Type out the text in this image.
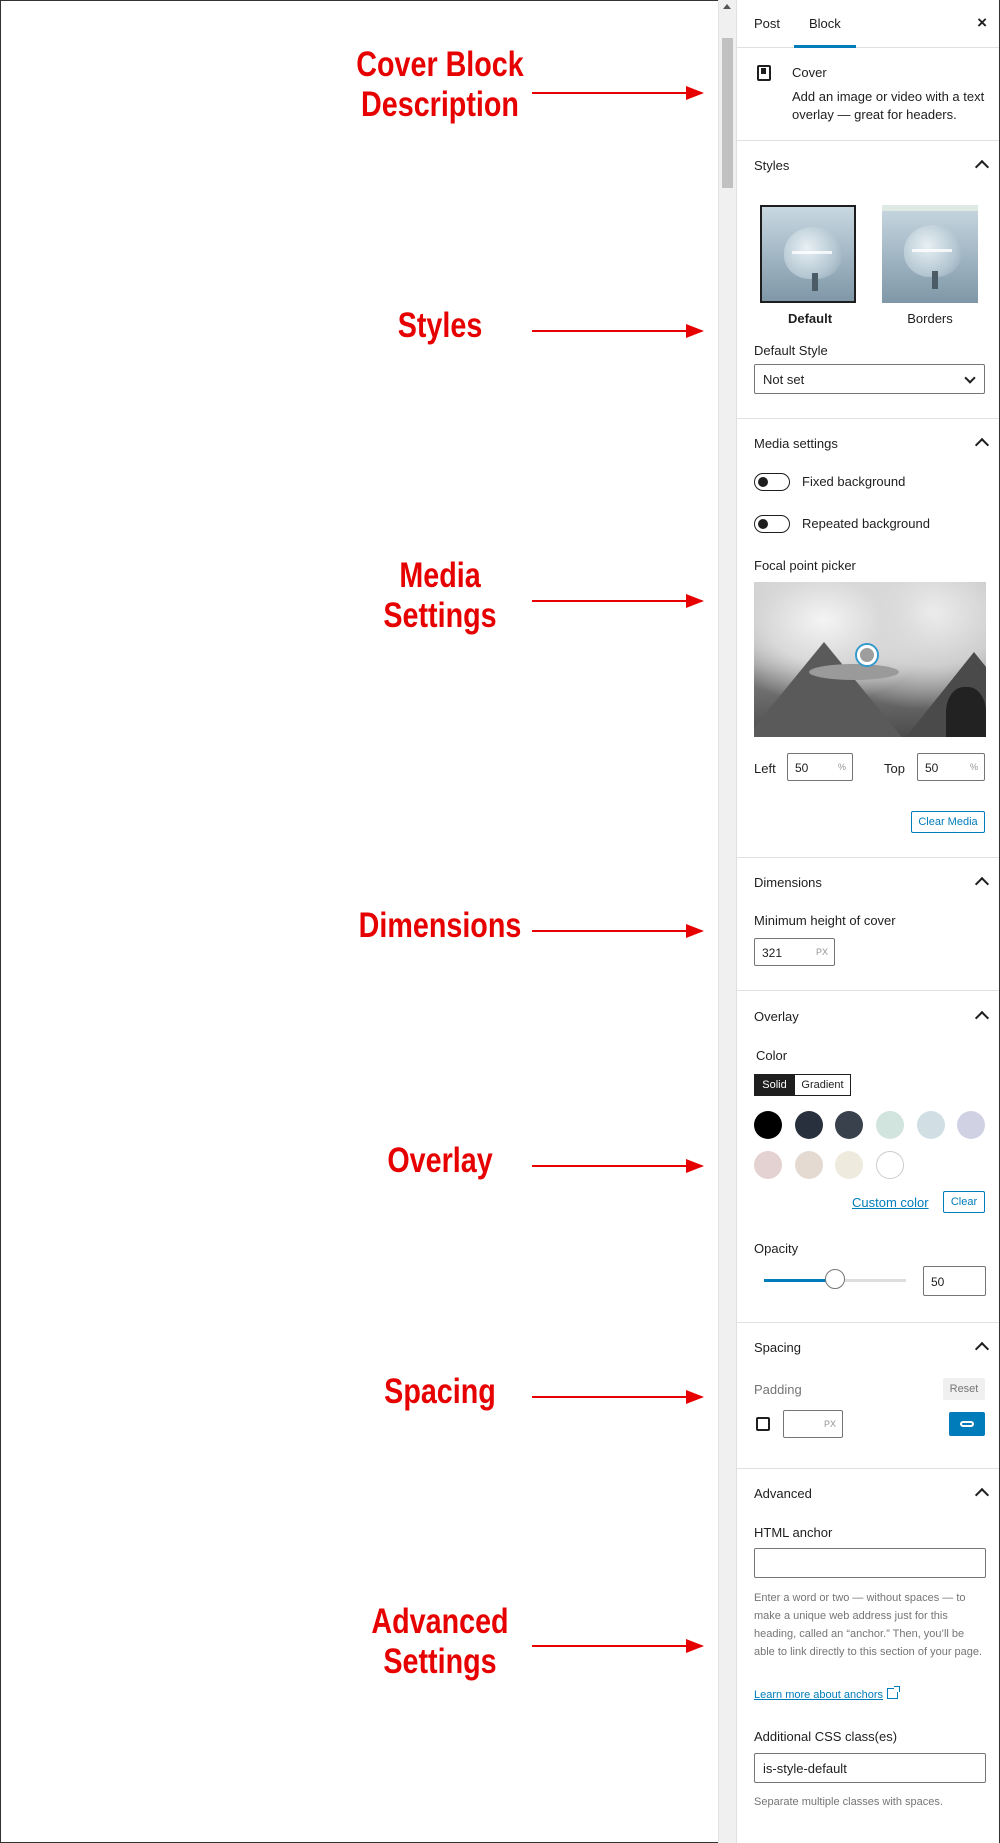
Cover Block Description
Styles
Media Settings
Dimensions
Overlay
Spacing
Advanced Settings
Post Block	×
Cover
Add an image or video with a text overlay — great for headers.
Styles
Default	Borders
Default Style
Not set
Media settings
Fixed background
Repeated background
Focal point picker
Left 50	%	Top 50	%
Clear Media
Dimensions
Minimum height of cover
321	PX
Overlay
Color
Solid	Gradient
Custom color	Clear
Opacity
50
Spacing
Padding	Reset
PX
Advanced
HTML anchor
Enter a word or two — without spaces — to make a unique web address just for this heading, called an “anchor.” Then, you’ll be able to link directly to this section of your page.
Learn more about anchors
Additional CSS class(es)
is-style-default
Separate multiple classes with spaces.
